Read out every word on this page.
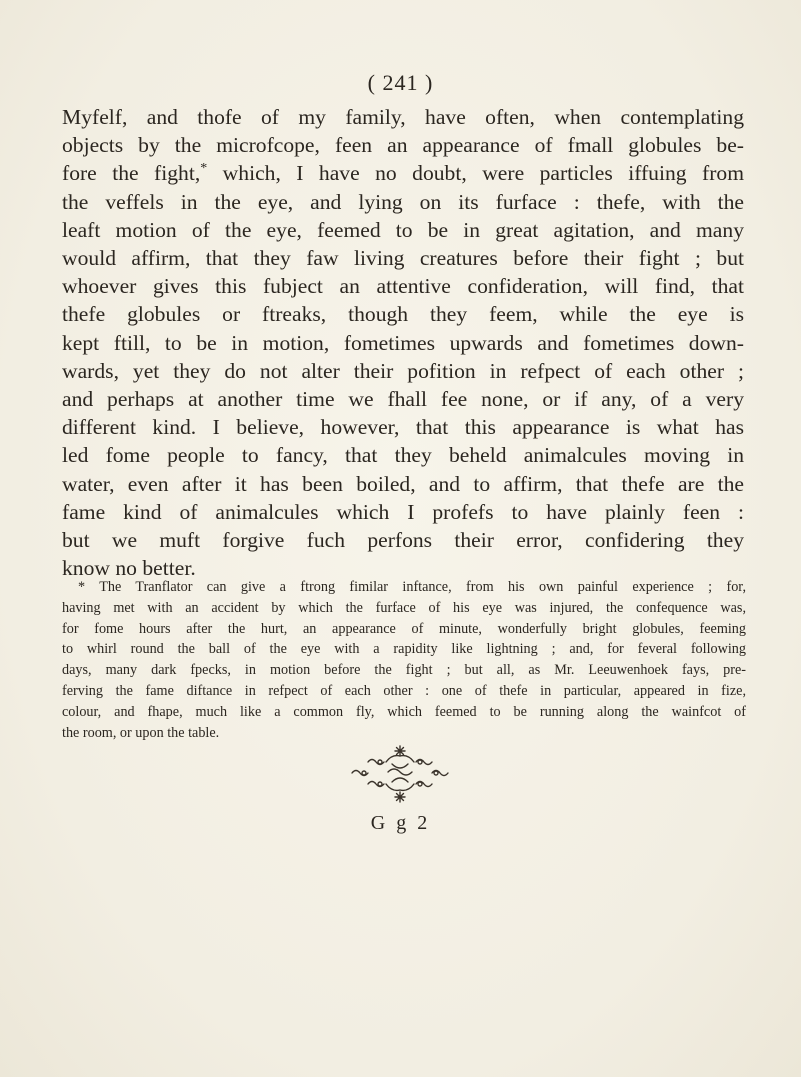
( 241 )
Myfelf, and thofe of my family, have often, when contemplating
objects by the microfcope, feen an appearance of fmall globules be-
fore the fight,* which, I have no doubt, were particles iffuing from
the veffels in the eye, and lying on its furface : thefe, with the
leaft motion of the eye, feemed to be in great agitation, and many
would affirm, that they faw living creatures before their fight ; but
whoever gives this fubject an attentive confideration, will find, that
thefe globules or ftreaks, though they feem, while the eye is
kept ftill, to be in motion, fometimes upwards and fometimes down-
wards, yet they do not alter their pofition in refpect of each other ;
and perhaps at another time we fhall fee none, or if any, of a very
different kind. I believe, however, that this appearance is what has
led fome people to fancy, that they beheld animalcules moving in
water, even after it has been boiled, and to affirm, that thefe are the
fame kind of animalcules which I profefs to have plainly feen :
but we muft forgive fuch perfons their error, confidering they
know no better.
* The Tranflator can give a ftrong fimilar inftance, from his own painful experience ; for,
having met with an accident by which the furface of his eye was injured, the confequence was,
for fome hours after the hurt, an appearance of minute, wonderfully bright globules, feeming
to whirl round the ball of the eye with a rapidity like lightning ; and, for feveral following
days, many dark fpecks, in motion before the fight ; but all, as Mr. Leeuwenhoek fays, pre-
ferving the fame diftance in refpect of each other : one of thefe in particular, appeared in fize,
colour, and fhape, much like a common fly, which feemed to be running along the wainfcot of
the room, or upon the table.
G g 2
